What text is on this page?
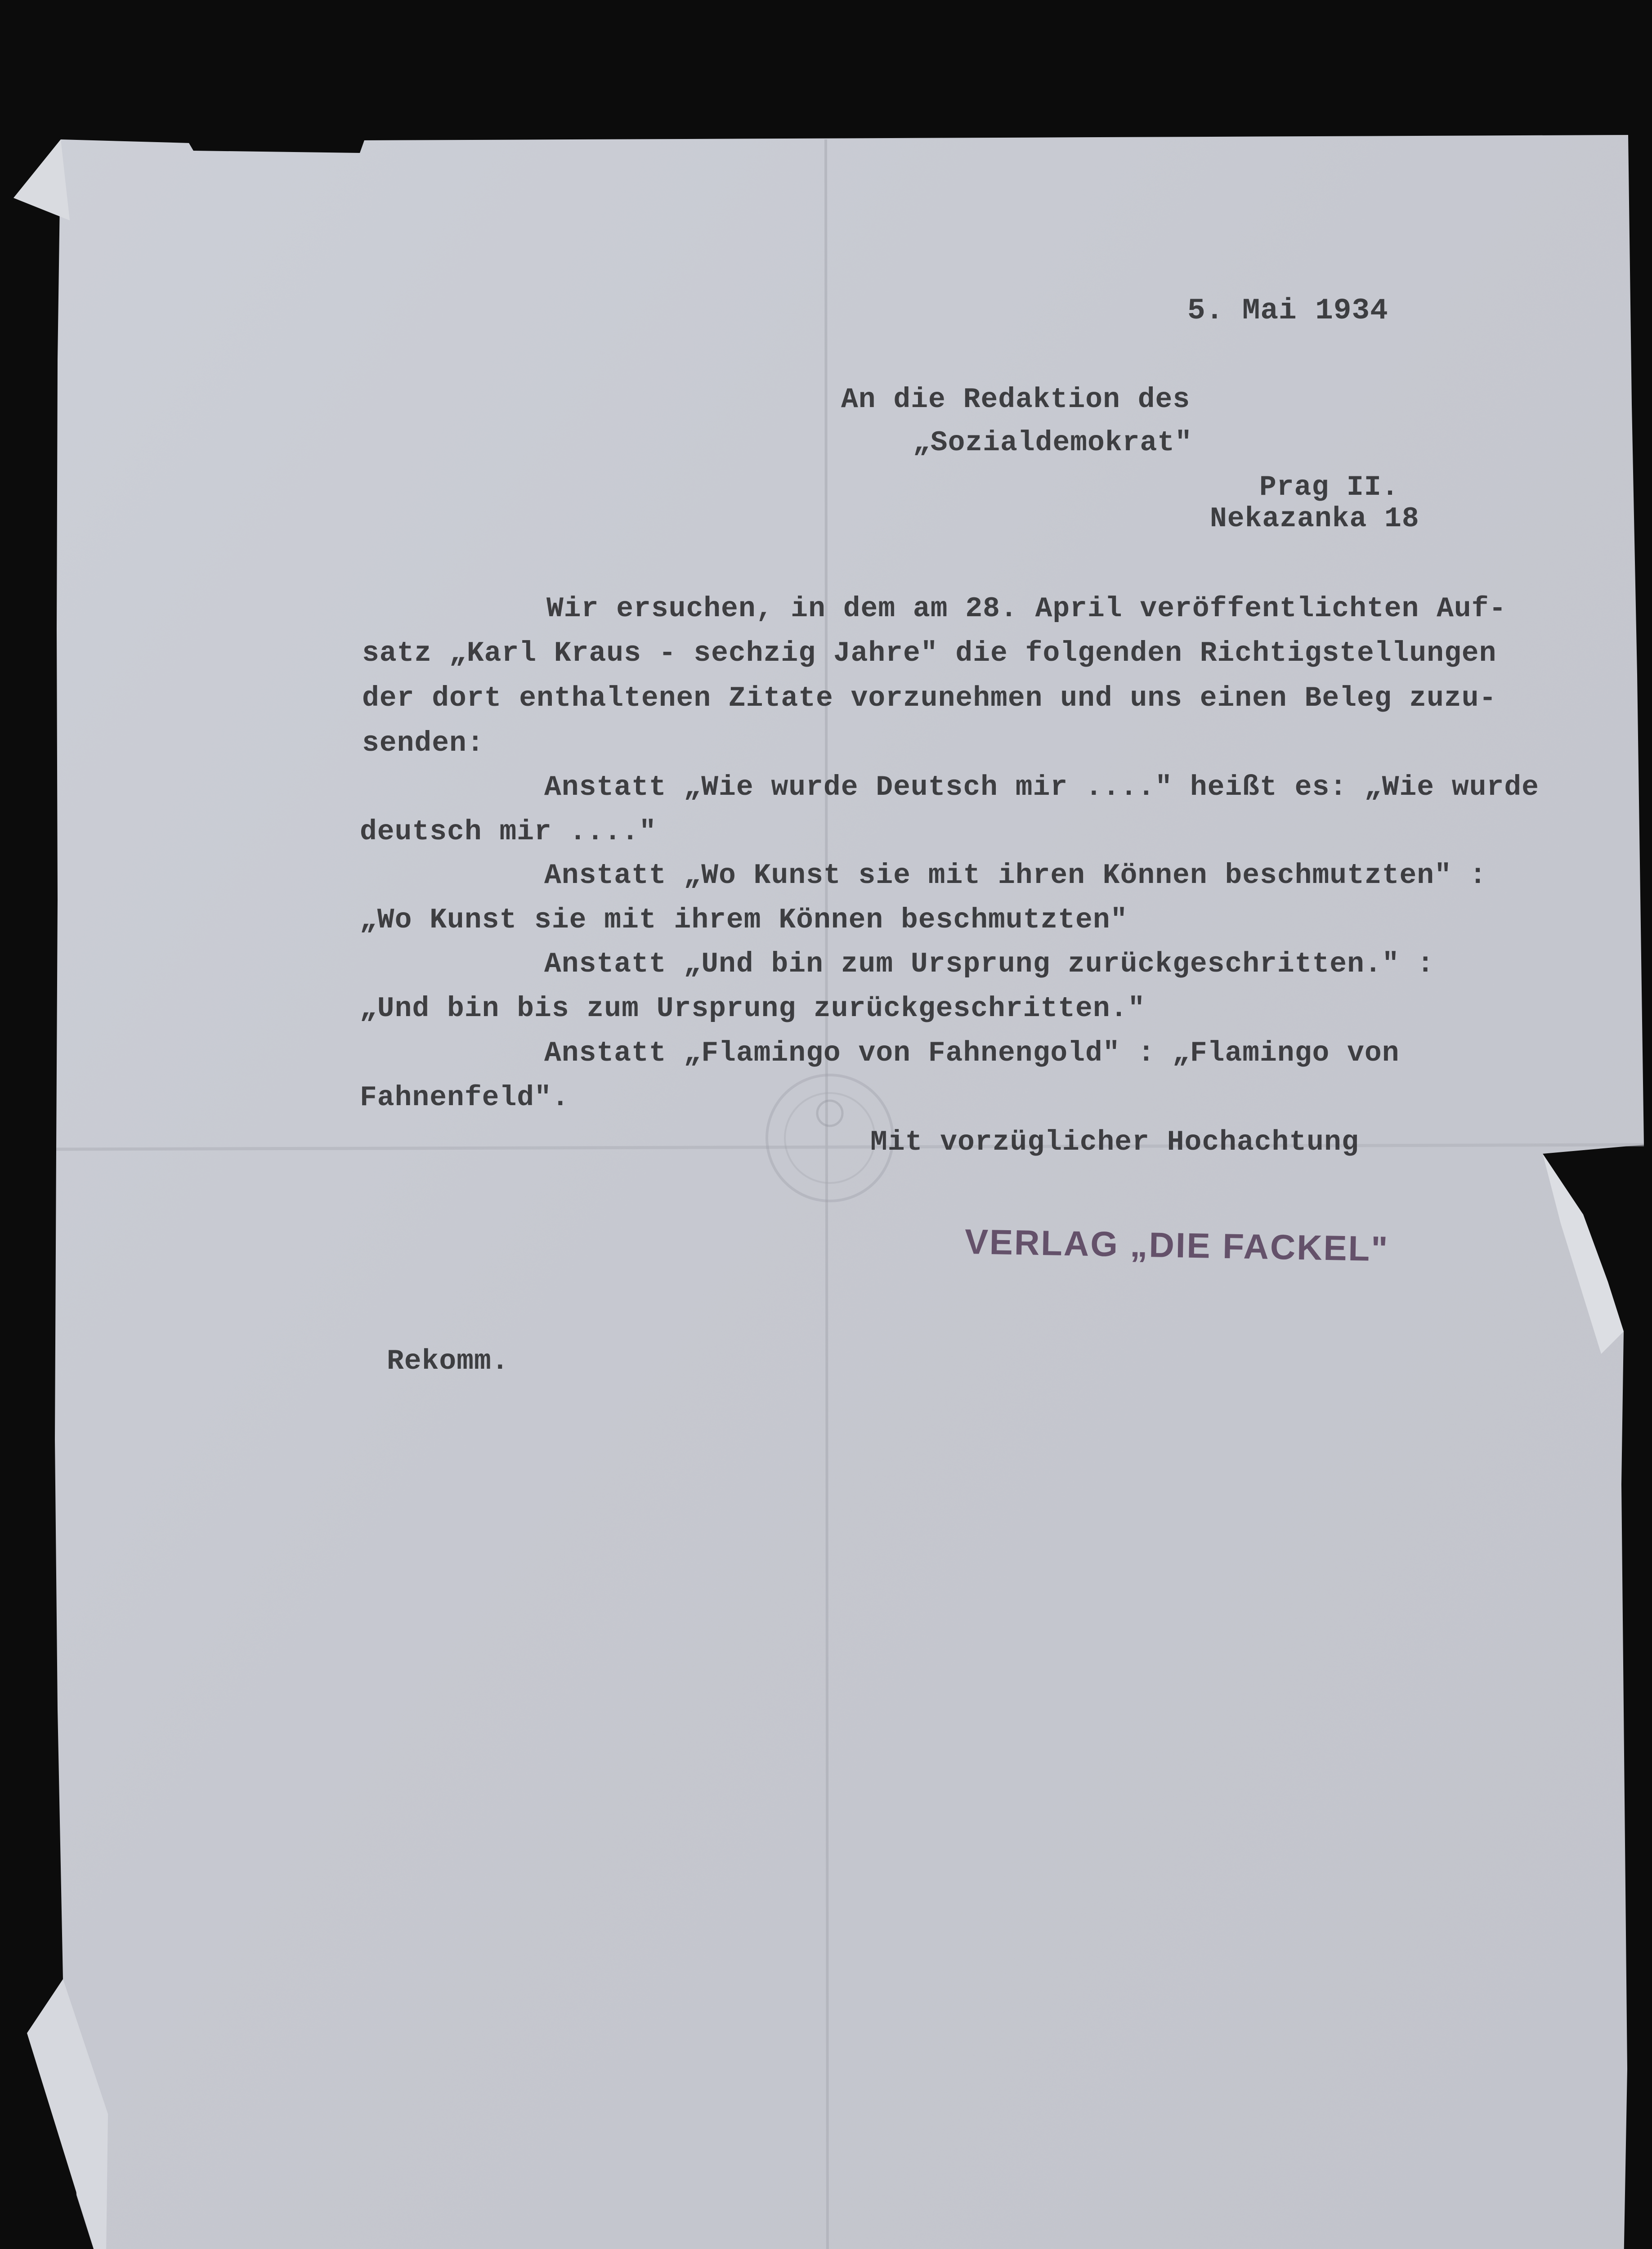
5. Mai 1934
An die Redaktion des
„Sozialdemokrat"
Prag II.
Nekazanka 18
Wir ersuchen, in dem am 28. April veröffentlichten Auf-
satz „Karl Kraus - sechzig Jahre" die folgenden Richtigstellungen
der dort enthaltenen Zitate vorzunehmen und uns einen Beleg zuzu-
senden:
Anstatt „Wie wurde Deutsch mir ...." heißt es: „Wie wurde
deutsch mir ...."
Anstatt „Wo Kunst sie mit ihren Können beschmutzten" :
„Wo Kunst sie mit ihrem Können beschmutzten"
Anstatt „Und bin zum Ursprung zurückgeschritten." :
„Und bin bis zum Ursprung zurückgeschritten."
Anstatt „Flamingo von Fahnengold" : „Flamingo von
Fahnenfeld".
Mit vorzüglicher Hochachtung
VERLAG „DIE FACKEL"
Rekomm.
